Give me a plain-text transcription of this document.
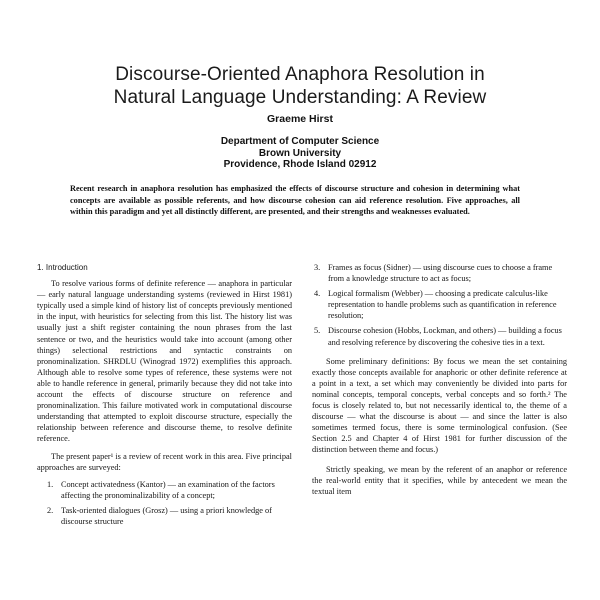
Discourse-Oriented Anaphora Resolution in
Natural Language Understanding: A Review
Graeme Hirst
Department of Computer Science
Brown University
Providence, Rhode Island 02912
Recent research in anaphora resolution has emphasized the effects of discourse structure and cohesion in determining what concepts are available as possible referents, and how discourse cohesion can aid reference resolution. Five approaches, all within this paradigm and yet all distinctly different, are presented, and their strengths and weaknesses evaluated.
1. Introduction

To resolve various forms of definite reference — anaphora in particular — early natural language understanding systems (reviewed in Hirst 1981) typically used a simple kind of history list of concepts previously mentioned in the input, with heuristics for selecting from this list. The history list was usually just a shift register containing the noun phrases from the last sentence or two, and the heuristics would take into account (among other things) selectional restrictions and syntactic constraints on pronominalization. SHRDLU (Winograd 1972) exemplifies this approach. Although able to resolve some types of reference, these systems were not able to handle reference in general, primarily because they did not take into account the effects of discourse structure on reference and pronominalization. This failure motivated work in computational discourse understanding that attempted to exploit discourse structure, especially the relationship between reference and discourse theme, to resolve definite reference.

The present paper¹ is a review of recent work in this area. Five principal approaches are surveyed:

1. Concept activatedness (Kantor) — an examination of the factors affecting the pronominalizability of a concept;
2. Task-oriented dialogues (Grosz) — using a priori knowledge of discourse structure
3. Frames as focus (Sidner) — using discourse cues to choose a frame from a knowledge structure to act as focus;
4. Logical formalism (Webber) — choosing a predicate calculus-like representation to handle problems such as quantification in reference resolution;
5. Discourse cohesion (Hobbs, Lockman, and others) — building a focus and resolving reference by discovering the cohesive ties in a text.

Some preliminary definitions: By focus we mean the set containing exactly those concepts available for anaphoric or other definite reference at a point in a text, a set which may conveniently be divided into parts for nominal concepts, temporal concepts, verbal concepts and so forth.² The focus is closely related to, but not necessarily identical to, the theme of a discourse — what the discourse is about — and since the latter is also sometimes termed focus, there is some terminological confusion. (See Section 2.5 and Chapter 4 of Hirst 1981 for further discussion of the distinction between theme and focus.)

Strictly speaking, we mean by the referent of an anaphor or reference the real-world entity that it specifies, while by antecedent we mean the textual item
